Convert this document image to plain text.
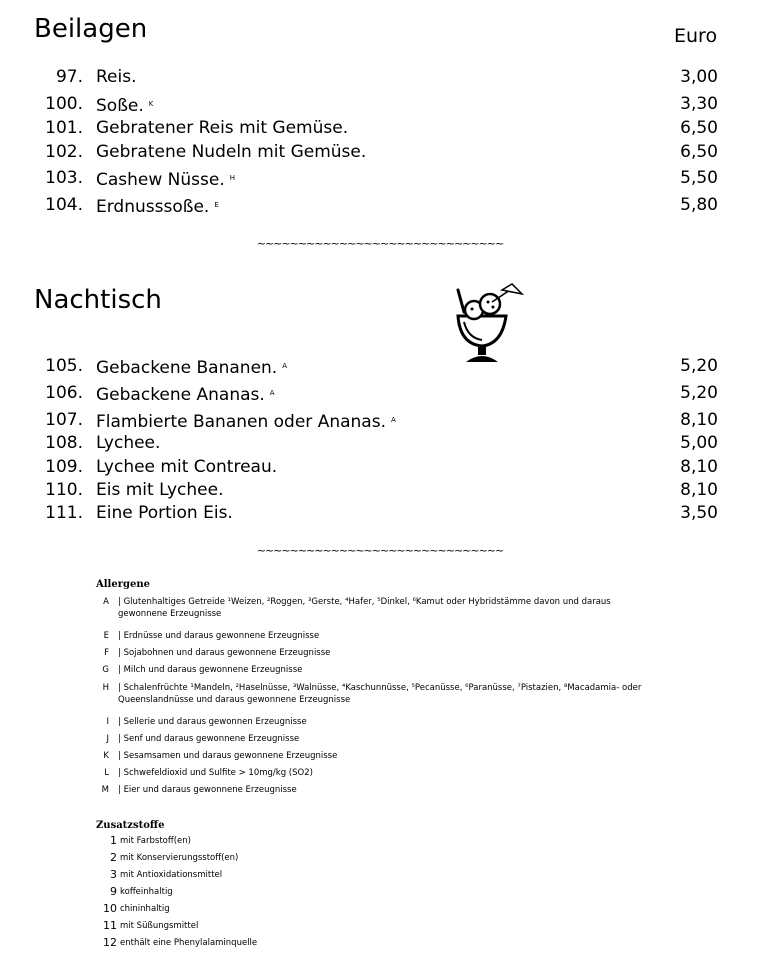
Beilagen	Euro
97. Reis.	3,00
100. Soße. $^K$	3,30
101. Gebratener Reis mit Gemüse.	6,50
102. Gebratene Nudeln mit Gemüse.	6,50
103. Cashew Nüsse. $^H$	5,50
104. Erdnusssoße. $^E$	5,80
~~~~~~~~~~~~~~~~~~~~~~~~~~~~~~
Nachtisch
105. Gebackene Bananen. $^A$	5,20
106. Gebackene Ananas. $^A$	5,20
107. Flambierte Bananen oder Ananas. $^A$	8,10
108. Lychee.	5,00
109. Lychee mit Contreau.	8,10
110. Eis mit Lychee.	8,10
111. Eine Portion Eis.	3,50
~~~~~~~~~~~~~~~~~~~~~~~~~~~~~~
Allergene
A | Glutenhaltiges Getreide ¹Weizen, ²Roggen, ³Gerste, ⁴Hafer, ⁵Dinkel, ⁶Kamut oder Hybridstämme davon und daraus gewonnene Erzeugnisse
E | Erdnüsse und daraus gewonnene Erzeugnisse
F | Sojabohnen und daraus gewonnene Erzeugnisse
G | Milch und daraus gewonnene Erzeugnisse
H | Schalenfrüchte ¹Mandeln, ²Haselnüsse, ³Walnüsse, ⁴Kaschunnüsse, ⁵Pecanüsse, ⁶Paranüsse, ⁷Pistazien, ⁸Macadamia- oder Queenslandnüsse und daraus gewonnene Erzeugnisse
I | Sellerie und daraus gewonnen Erzeugnisse
J | Senf und daraus gewonnene Erzeugnisse
K | Sesamsamen und daraus gewonnene Erzeugnisse
L | Schwefeldioxid und Sulfite > 10mg/kg (SO2)
M | Eier und daraus gewonnene Erzeugnisse
Zusatzstoffe
1 mit Farbstoff(en)
2 mit Konservierungsstoff(en)
3 mit Antioxidationsmittel
9 koffeinhaltig
10 chininhaltig
11 mit Süßungsmittel
12 enthält eine Phenylalaminquelle
